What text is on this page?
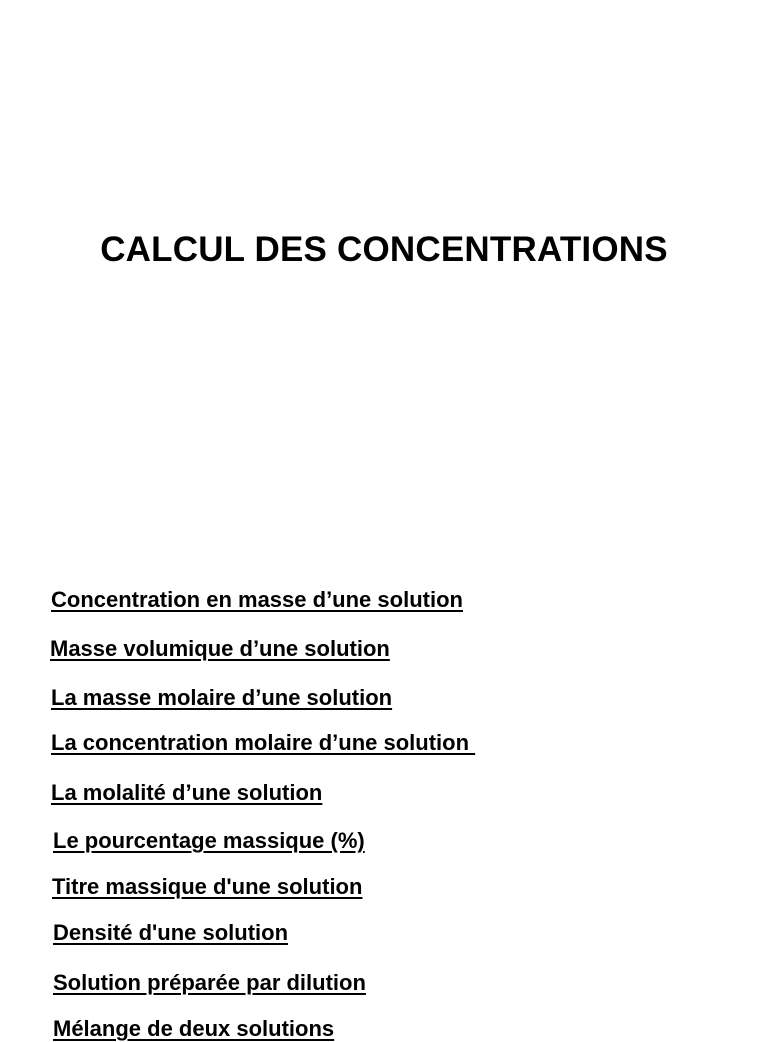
CALCUL DES CONCENTRATIONS
Concentration en masse d’une solution
Masse volumique d’une solution
La masse molaire d’une solution
La concentration molaire d’une solution
La molalité d’une solution
Le pourcentage massique (%)
Titre massique d'une solution
Densité d'une solution
Solution préparée par dilution
Mélange de deux solutions
